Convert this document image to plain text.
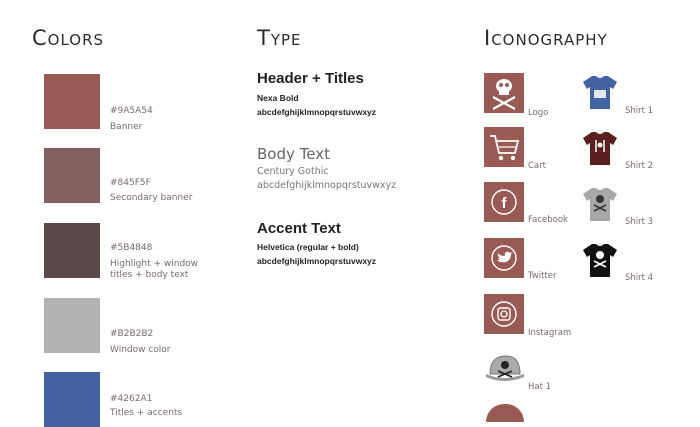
Colors	Type	Iconography
#9A5A54
Banner
#845F5F
Secondary banner
#5B4848
Highlight + window titles + body text
#B2B2B2
Window color
#4262A1
Titles + accents
Header + Titles
Nexa Bold
abcdefghijklmnopqrstuvwxyz
Body Text
Century Gothic
abcdefghijklmnopqrstuvwxyz
Accent Text
Helvetica (regular + bold)
abcdefghijklmnopqrstuvwxyz
Logo
Cart
f
Facebook
Twitter
Instagram
Hat 1
Shirt 1
Shirt 2
Shirt 3
Shirt 4
